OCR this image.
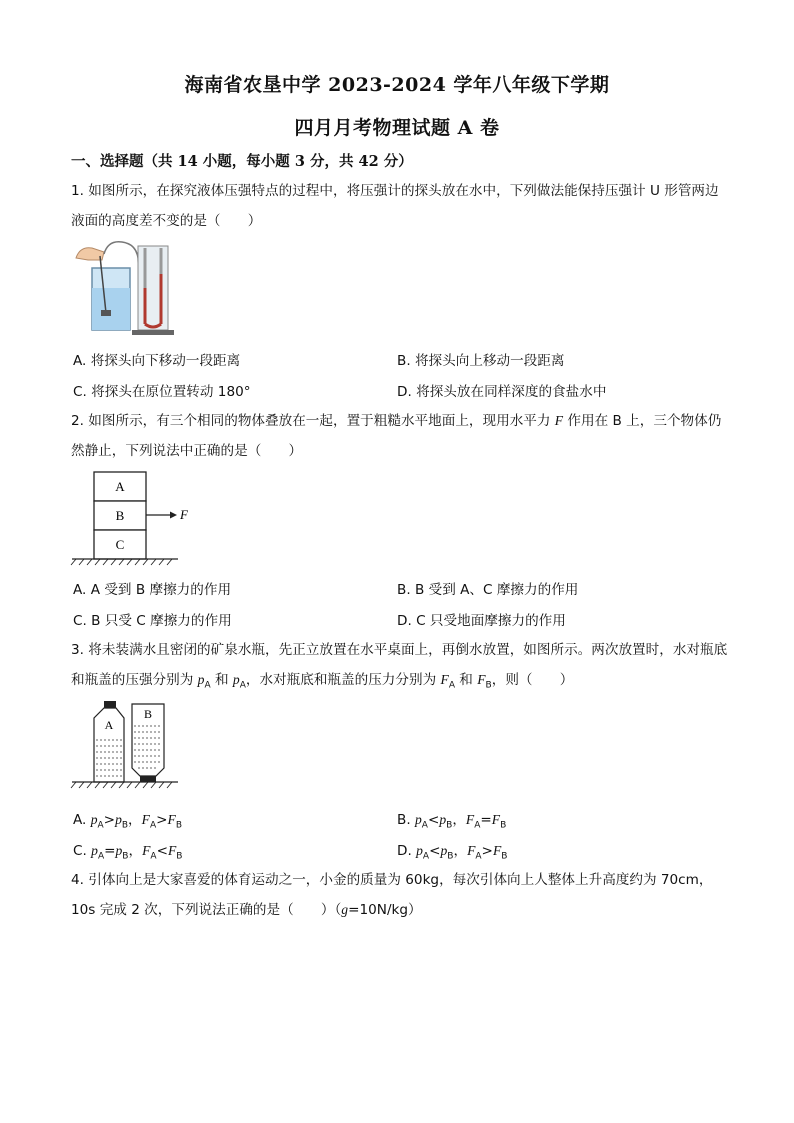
海南省农垦中学 2023-2024 学年八年级下学期
四月月考物理试题 A 卷
一、选择题（共 14 小题，每小题 3 分，共 42 分）
1. 如图所示，在探究液体压强特点的过程中，将压强计的探头放在水中，下列做法能保持压强计 U 形管两边液面的高度差不变的是（　　）
A. 将探头向下移动一段距离	B. 将探头向上移动一段距离
C. 将探头在原位置转动 180°	D. 将探头放在同样深度的食盐水中
2. 如图所示，有三个相同的物体叠放在一起，置于粗糙水平地面上，现用水平力 F 作用在 B 上，三个物体仍然静止，下列说法中正确的是（　　）
A
B
C
F
A. A 受到 B 摩擦力的作用	B. B 受到 A、C 摩擦力的作用
C. B 只受 C 摩擦力的作用	D. C 只受地面摩擦力的作用
3. 将未装满水且密闭的矿泉水瓶，先正立放置在水平桌面上，再倒水放置，如图所示。两次放置时，水对瓶底和瓶盖的压强分别为 $p_A$ 和 $p_A$，水对瓶底和瓶盖的压力分别为 $F_A$ 和 $F_B$，则（　　）
A
B
A. $p_A>p_B$，$F_A>F_B$	B. $p_A<p_B$，$F_A=F_B$
C. $p_A=p_B$，$F_A<F_B$	D. $p_A<p_B$，$F_A>F_B$
4. 引体向上是大家喜爱的体育运动之一，小金的质量为 60kg，每次引体向上人整体上升高度约为 70cm，10s 完成 2 次，下列说法正确的是（　　）（g=10N/kg）
